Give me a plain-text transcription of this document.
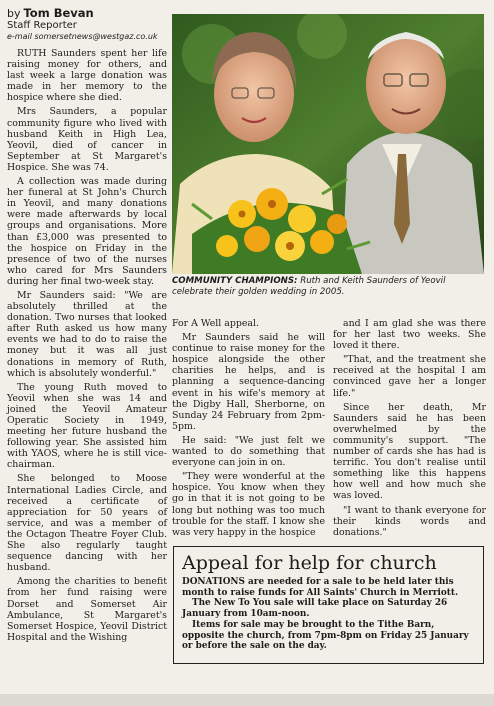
by Tom Bevan
Staff Reporter
e-mail somersetnews@westgaz.co.uk

RUTH Saunders spent her life raising money for others, and last week a large donation was made in her memory to the hospice where she died.

Mrs Saunders, a popular community figure who lived with husband Keith in High Lea, Yeovil, died of cancer in September at St Margaret's Hospice. She was 74.

A collection was made during her funeral at St John's Church in Yeovil, and many donations were made afterwards by local groups and organisations. More than £3,000 was presented to the hospice on Friday in the presence of two of the nurses who cared for Mrs Saunders during her final two-week stay.

Mr Saunders said: "We are absolutely thrilled at the donation. Two nurses that looked after Ruth asked us how many events we had to do to raise the money but it was all just donations in memory of Ruth, which is absolutely wonderful."

The young Ruth moved to Yeovil when she was 14 and joined the Yeovil Amateur Operatic Society in 1949, meeting her future husband the following year. She assisted him with YAOS, where he is still vice-chairman.

She belonged to Moose International Ladies Circle, and received a certificate of appreciation for 50 years of service, and was a member of the Octagon Theatre Foyer Club. She also regularly taught sequence dancing with her husband.

Among the charities to benefit from her fund raising were Dorset and Somerset Air Ambulance, St Margaret's Somerset Hospice, Yeovil District Hospital and the Wishing

COMMUNITY CHAMPIONS: Ruth and Keith Saunders of Yeovil celebrate their golden wedding in 2005.

For A Well appeal.

Mr Saunders said he will continue to raise money for the hospice alongside the other charities he helps, and is planning a sequence-dancing event in his wife's memory at the Digby Hall, Sherborne, on Sunday 24 February from 2pm-5pm.

He said: "We just felt we wanted to do something that everyone can join in on.

"They were wonderful at the hospice. You know when they go in that it is not going to be long but nothing was too much trouble for the staff. I know she was very happy in the hospice

and I am glad she was there for her last two weeks. She loved it there.

"That, and the treatment she received at the hospital I am convinced gave her a longer life."

Since her death, Mr Saunders said he has been overwhelmed by the community's support. "The number of cards she has had is terrific. You don't realise until something like this happens how well and how much she was loved.

"I want to thank everyone for their kinds words and donations."

Appeal for help for church

DONATIONS are needed for a sale to be held later this month to raise funds for All Saints' Church in Merriott.

The New To You sale will take place on Saturday 26 January from 10am-noon.

Items for sale may be brought to the Tithe Barn, opposite the church, from 7pm-8pm on Friday 25 January or before the sale on the day.
